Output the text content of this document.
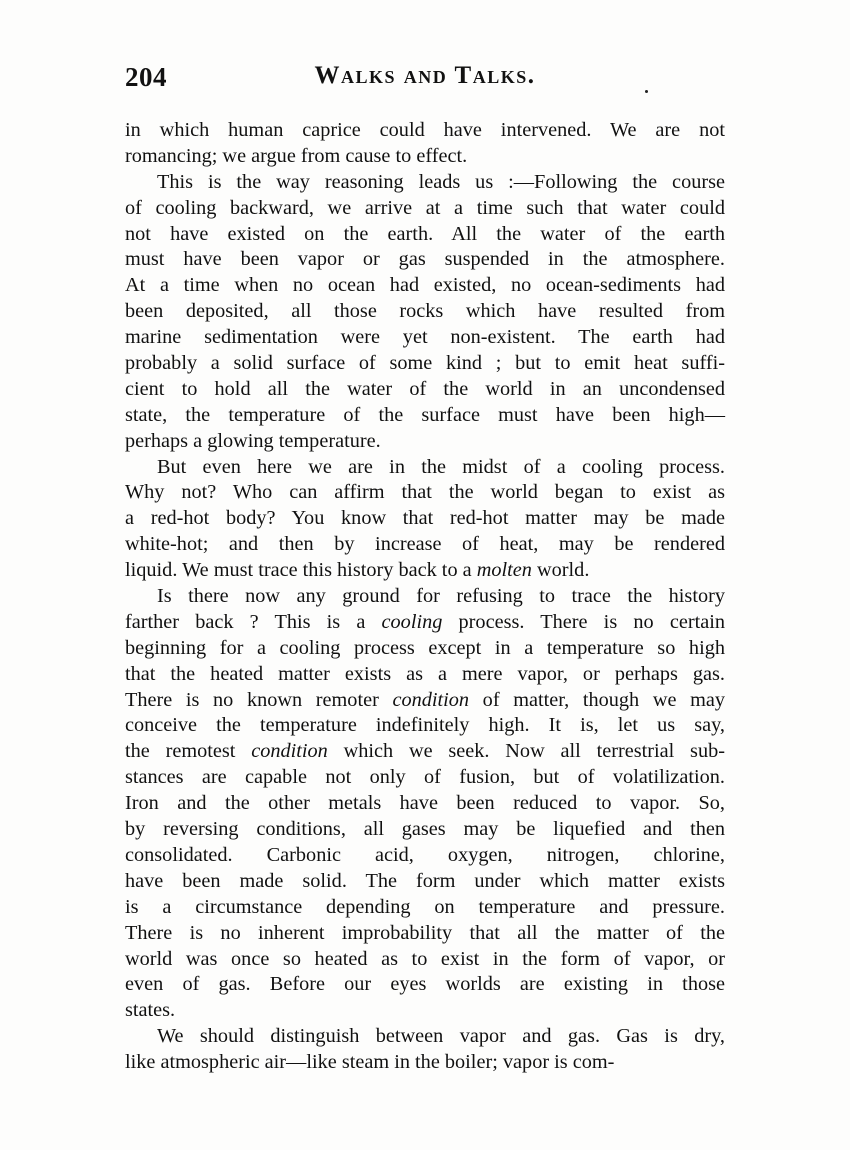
204	Walks and Talks.
in which human caprice could have intervened. We are not
romancing; we argue from cause to effect.
This is the way reasoning leads us :—Following the course
of cooling backward, we arrive at a time such that water could
not have existed on the earth. All the water of the earth
must have been vapor or gas suspended in the atmosphere.
At a time when no ocean had existed, no ocean-sediments had
been deposited, all those rocks which have resulted from
marine sedimentation were yet non-existent. The earth had
probably a solid surface of some kind ; but to emit heat suffi-
cient to hold all the water of the world in an uncondensed
state, the temperature of the surface must have been high—
perhaps a glowing temperature.
But even here we are in the midst of a cooling process.
Why not? Who can affirm that the world began to exist as
a red-hot body? You know that red-hot matter may be made
white-hot; and then by increase of heat, may be rendered
liquid. We must trace this history back to a molten world.
Is there now any ground for refusing to trace the history
farther back ? This is a cooling process. There is no certain
beginning for a cooling process except in a temperature so high
that the heated matter exists as a mere vapor, or perhaps gas.
There is no known remoter condition of matter, though we may
conceive the temperature indefinitely high. It is, let us say,
the remotest condition which we seek. Now all terrestrial sub-
stances are capable not only of fusion, but of volatilization.
Iron and the other metals have been reduced to vapor. So,
by reversing conditions, all gases may be liquefied and then
consolidated. Carbonic acid, oxygen, nitrogen, chlorine,
have been made solid. The form under which matter exists
is a circumstance depending on temperature and pressure.
There is no inherent improbability that all the matter of the
world was once so heated as to exist in the form of vapor, or
even of gas. Before our eyes worlds are existing in those
states.
We should distinguish between vapor and gas. Gas is dry,
like atmospheric air—like steam in the boiler; vapor is com-
